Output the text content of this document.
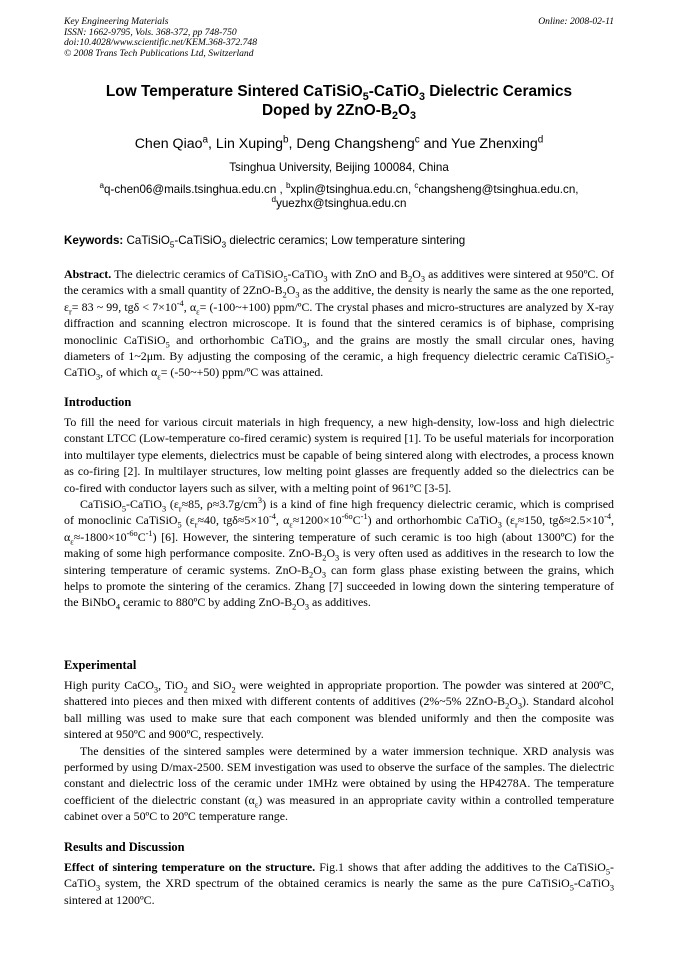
Key Engineering Materials
ISSN: 1662-9795, Vols. 368-372, pp 748-750
doi:10.4028/www.scientific.net/KEM.368-372.748
© 2008 Trans Tech Publications Ltd, Switzerland
Online: 2008-02-11
Low Temperature Sintered CaTiSiO$_5$-CaTiO$_3$ Dielectric Ceramics
Doped by $2ZnO-B_2O_3$
Chen Qiao$^a$, Lin Xuping$^b$, Deng Changsheng$^c$ and Yue Zhenxing$^d$
Tsinghua University, Beijing 100084, China
$^a$q-chen06@mails.tsinghua.edu.cn , $^b$xplin@tsinghua.edu.cn, $^c$changsheng@tsinghua.edu.cn,
$^d$yuezhx@tsinghua.edu.cn
Keywords: CaTiSiO$_5$-CaTiSiO$_3$ dielectric ceramics; Low temperature sintering

Abstract. The dielectric ceramics of CaTiSiO$_5$-CaTiO$_3$ with ZnO and $B_2O_3$ as additives were sintered at 950ºC. Of the ceramics with a small quantity of $2ZnO-B_2O_3$ as the additive, the density is nearly the same as the one reported, $\varepsilon_r= 83$ ~ 99, $tg\delta < 7\times 10^{-4}$, $\alpha_\varepsilon=$ (-100~+100) ppm/ºC. The crystal phases and micro-structures are analyzed by X-ray diffraction and scanning electron microscope. It is found that the sintered ceramics is of biphase, comprising monoclinic CaTiSiO$_5$ and orthorhombic CaTiO$_3$, and the grains are mostly the small circular ones, having diameters of 1~2μm. By adjusting the composing of the ceramic, a high frequency dielectric ceramic CaTiSiO$_5$-CaTiO$_3$, of which $\alpha_\varepsilon=$ (-50~+50) ppm/ºC was attained.

Introduction

To fill the need for various circuit materials in high frequency, a new high-density, low-loss and high dielectric constant LTCC (Low-temperature co-fired ceramic) system is required [1]. To be useful materials for incorporation into multilayer type elements, dielectrics must be capable of being sintered along with electrodes, a process known as co-firing [2]. In multilayer structures, low melting point glasses are frequently added so the dielectrics can be co-fired with conductor layers such as silver, with a melting point of 961ºC [3-5].

CaTiSiO$_5$-CaTiO$_3$ ($\varepsilon_r\approx 85$, $\rho\approx 3.7g/cm^3$) is a kind of fine high frequency dielectric ceramic, which is comprised of monoclinic CaTiSiO$_5$ ($\varepsilon_r\approx 40$, $tg\delta\approx 5\times 10^{-4}$, $\alpha_\varepsilon\approx 1200\times 10^{-6o}C^{-1}$) and orthorhombic CaTiO$_3$ ($\varepsilon_r\approx 150$, $tg\delta\approx 2.5\times 10^{-4}$, $\alpha_\varepsilon\approx-1800\times 10^{-6o}C^{-1}$) [6]. However, the sintering temperature of such ceramic is too high (about 1300ºC) for the making of some high performance composite. ZnO-$B_2O_3$ is very often used as additives in the research to low the sintering temperature of ceramic systems. ZnO-$B_2O_3$ can form glass phase existing between the grains, which helps to promote the sintering of the ceramics. Zhang [7] succeeded in lowing down the sintering temperature of the BiNbO$_4$ ceramic to 880ºC by adding ZnO-$B_2O_3$ as additives.

Experimental

High purity CaCO$_3$, TiO$_2$ and SiO$_2$ were weighted in appropriate proportion. The powder was sintered at 200ºC, shattered into pieces and then mixed with different contents of additives (2%~5% $2ZnO-B_2O_3$). Standard alcohol ball milling was used to make sure that each component was blended uniformly and then the composite was sintered at 950ºC and 900ºC, respectively.

The densities of the sintered samples were determined by a water immersion technique. XRD analysis was performed by using D/max-2500. SEM investigation was used to observe the surface of the samples. The dielectric constant and dielectric loss of the ceramic under 1MHz were obtained by using the HP4278A. The temperature coefficient of the dielectric constant $(\alpha_\varepsilon)$ was measured in an appropriate cavity within a controlled temperature cabinet over a 50ºC to 20ºC temperature range.

Results and Discussion

Effect of sintering temperature on the structure. Fig.1 shows that after adding the additives to the CaTiSiO$_5$-CaTiO$_3$ system, the XRD spectrum of the obtained ceramics is nearly the same as the pure CaTiSiO$_5$-CaTiO$_3$ sintered at 1200ºC.
